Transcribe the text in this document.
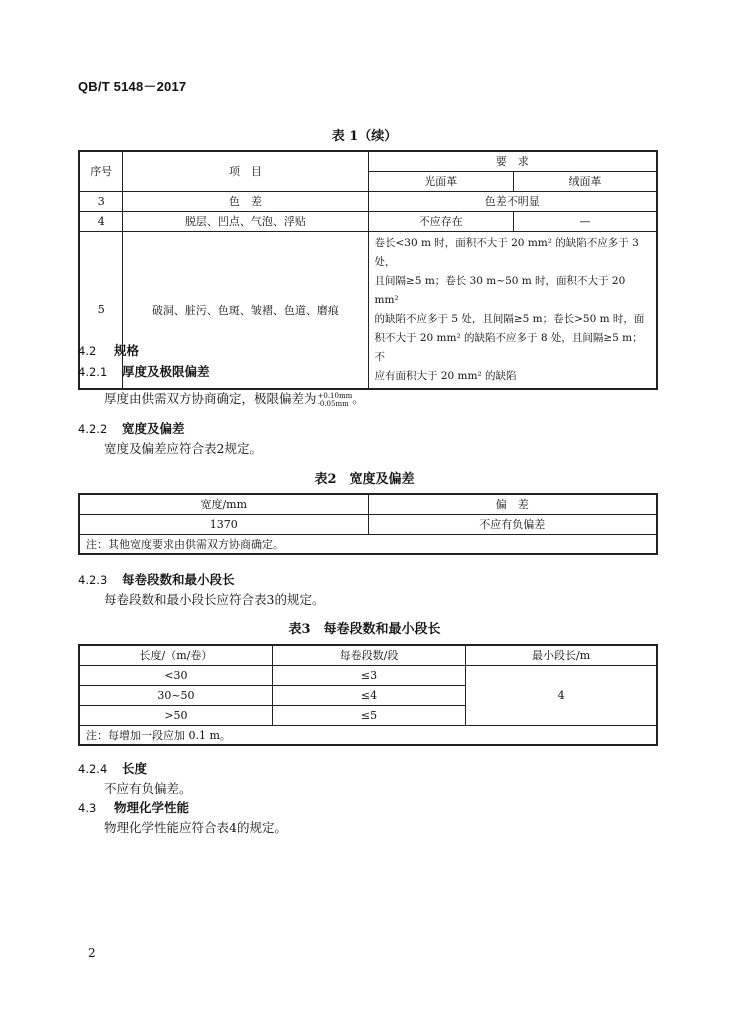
QB/T 5148－2017
表 1（续）
序号	项　目	要　求	
		光面革	绒面革
3	色　差	色差不明显	
4	脱层、凹点、气泡、浮贴	不应存在	—
5	破洞、脏污、色斑、皱褶、色道、磨痕	卷长<30 m 时，面积不大于 20 mm² 的缺陷不应多于 3 处，
且间隔≥5 m；卷长 30 m~50 m 时，面积不大于 20 mm²
的缺陷不应多于 5 处，且间隔≥5 m；卷长>50 m 时，面
积不大于 20 mm² 的缺陷不应多于 8 处，且间隔≥5 m；不
应有面积大于 20 mm² 的缺陷	
4.2 规格
4.2.1 厚度及极限偏差
厚度由供需双方协商确定，极限偏差为 +0.10mm
-0.05mm 。
4.2.2 宽度及偏差
宽度及偏差应符合表2规定。
表2　宽度及偏差
宽度/mm	偏　差
1370	不应有负偏差
注：其他宽度要求由供需双方协商确定。	
4.2.3 每卷段数和最小段长
每卷段数和最小段长应符合表3的规定。
表3　每卷段数和最小段长
长度/（m/卷）	每卷段数/段	最小段长/m
<30	≤3	4
30~50	≤4	
>50	≤5	
注：每增加一段应加 0.1 m。		
4.2.4 长度
不应有负偏差。
4.3 物理化学性能
物理化学性能应符合表4的规定。
2
